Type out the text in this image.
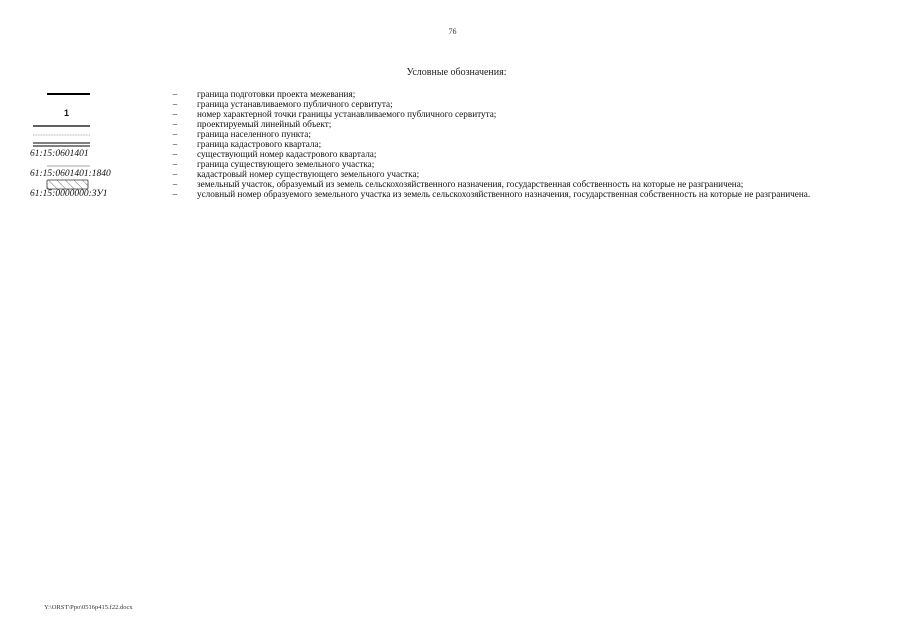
76
Условные обозначения:
–	граница подготовки проекта межевания;
–	граница устанавливаемого публичного сервитута;
1	–	номер характерной точки границы устанавливаемого публичного сервитута;
–	проектируемый линейный объект;
–	граница населенного пункта;
–	граница кадастрового квартала;
61:15:0601401	–	существующий номер кадастрового квартала;
–	граница существующего земельного участка;
61:15:0601401:1840	–	кадастровый номер существующего земельного участка;
–	земельный участок, образуемый из земель сельскохозяйственного назначения, государственная собственность на которые не разграничена;
61:15:0000000:ЗУ1	–	условный номер образуемого земельного участка из земель сельскохозяйственного назначения, государственная собственность на которые не разграничена.
Y:\ORST\Ppo\0516p415.f22.docx
